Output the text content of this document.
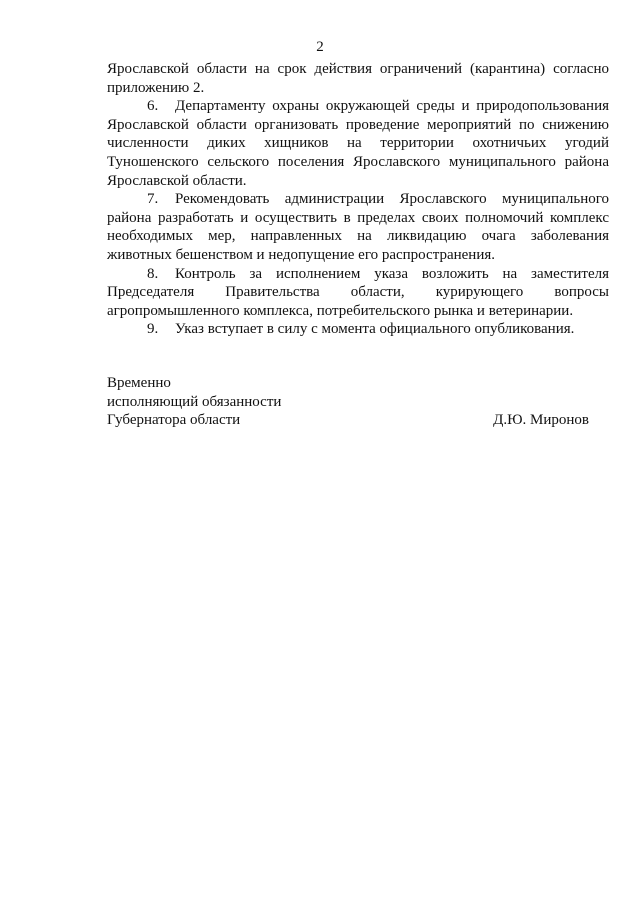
2

Ярославской области на срок действия ограничений (карантина) согласно приложению 2.

6. Департаменту охраны окружающей среды и природопользования Ярославской области организовать проведение мероприятий по снижению численности диких хищников на территории охотничьих угодий Туношенского сельского поселения Ярославского муниципального района Ярославской области.

7. Рекомендовать администрации Ярославского муниципального района разработать и осуществить в пределах своих полномочий комплекс необходимых мер, направленных на ликвидацию очага заболевания животных бешенством и недопущение его распространения.

8. Контроль за исполнением указа возложить на заместителя Председателя Правительства области, курирующего вопросы агропромышленного комплекса, потребительского рынка и ветеринарии.

9. Указ вступает в силу с момента официального опубликования.

Временно
исполняющий обязанности
Губернатора области	Д.Ю. Миронов
